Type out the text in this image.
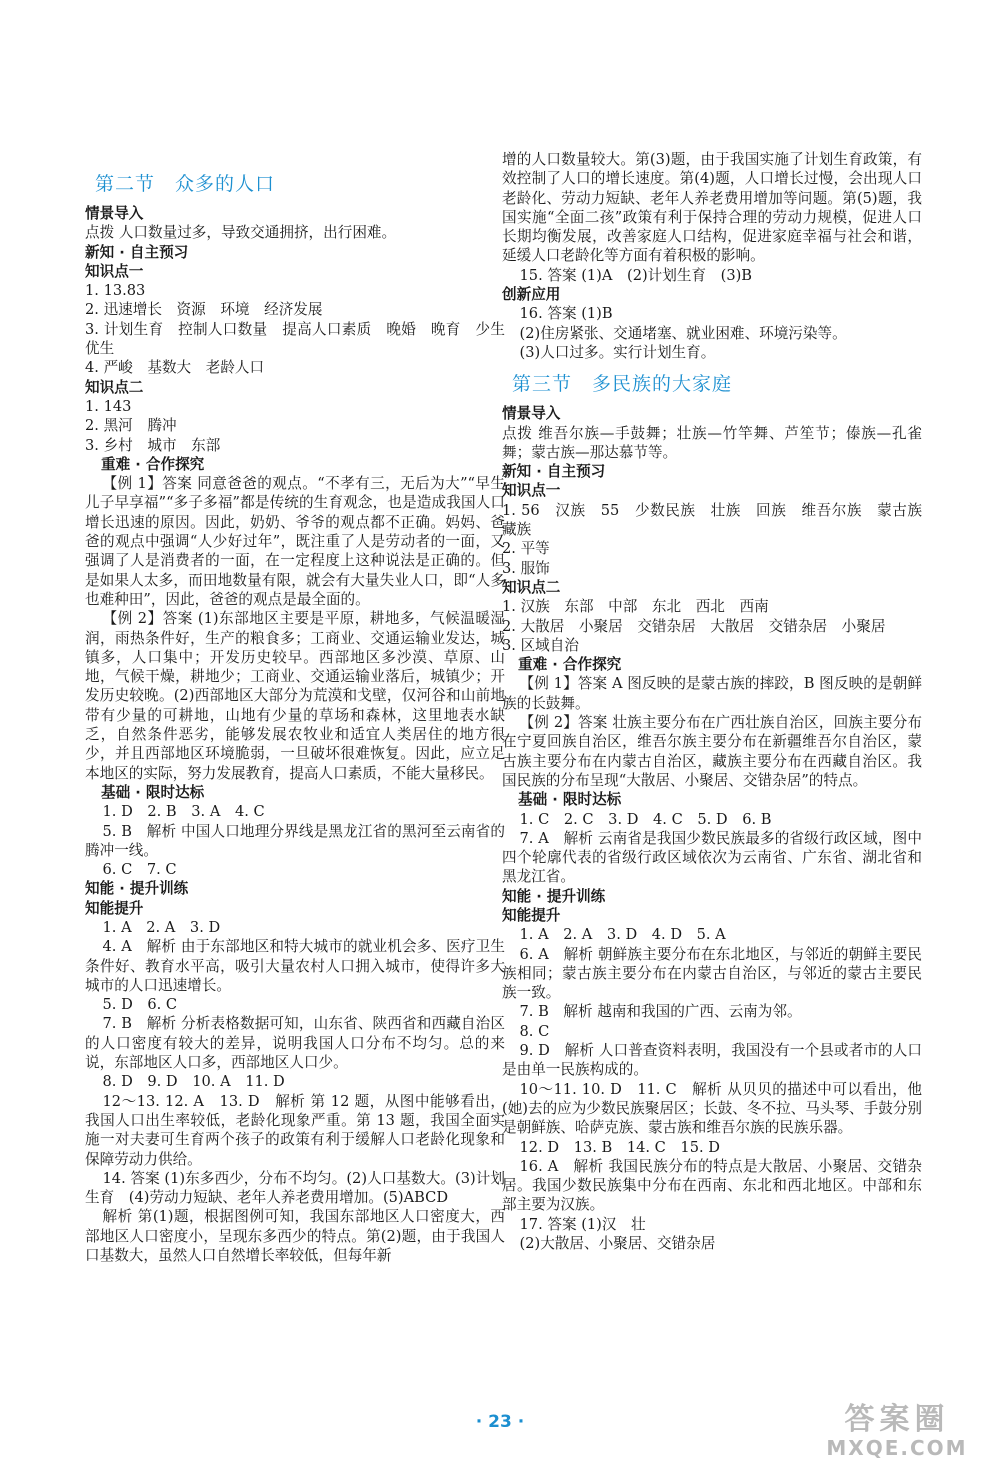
第二节 众多的人口

情景导入

点拨 人口数量过多，导致交通拥挤，出行困难。

新知 · 自主预习

知识点一

1. 13.83

2. 迅速增长　资源　环境　经济发展

3. 计划生育　控制人口数量　提高人口素质　晚婚　晚育　少生　优生

4. 严峻　基数大　老龄人口

知识点二

1. 143

2. 黑河　腾冲

3. 乡村　城市　东部

重难 · 合作探究

【例 1】答案 同意爸爸的观点。“不孝有三，无后为大”“早生儿子早享福”“多子多福”都是传统的生育观念，也是造成我国人口增长迅速的原因。因此，奶奶、爷爷的观点都不正确。妈妈、爸爸的观点中强调“人少好过年”，既注重了人是劳动者的一面，又强调了人是消费者的一面，在一定程度上这种说法是正确的。但是如果人太多，而田地数量有限，就会有大量失业人口，即“人多也难种田”，因此，爸爸的观点是最全面的。

【例 2】答案 (1)东部地区主要是平原，耕地多，气候温暖湿润，雨热条件好，生产的粮食多；工商业、交通运输业发达，城镇多，人口集中；开发历史较早。西部地区多沙漠、草原、山地，气候干燥，耕地少；工商业、交通运输业落后，城镇少；开发历史较晚。(2)西部地区大部分为荒漠和戈壁，仅河谷和山前地带有少量的可耕地，山地有少量的草场和森林，这里地表水缺乏，自然条件恶劣，能够发展农牧业和适宜人类居住的地方很少，并且西部地区环境脆弱，一旦破坏很难恢复。因此，应立足本地区的实际，努力发展教育，提高人口素质，不能大量移民。

基础 · 限时达标

1. D　2. B　3. A　4. C

5. B　解析 中国人口地理分界线是黑龙江省的黑河至云南省的腾冲一线。

6. C　7. C

知能 · 提升训练

知能提升

1. A　2. A　3. D

4. A　解析 由于东部地区和特大城市的就业机会多、医疗卫生条件好、教育水平高，吸引大量农村人口拥入城市，使得许多大城市的人口迅速增长。

5. D　6. C

7. B　解析 分析表格数据可知，山东省、陕西省和西藏自治区的人口密度有较大的差异，说明我国人口分布不均匀。总的来说，东部地区人口多，西部地区人口少。

8. D　9. D　10. A　11. D

12～13. 12. A　13. D　解析 第 12 题，从图中能够看出，我国人口出生率较低，老龄化现象严重。第 13 题，我国全面实施一对夫妻可生育两个孩子的政策有利于缓解人口老龄化现象和保障劳动力供给。

14. 答案 (1)东多西少，分布不均匀。(2)人口基数大。(3)计划生育　(4)劳动力短缺、老年人养老费用增加。(5)ABCD

解析 第(1)题，根据图例可知，我国东部地区人口密度大，西部地区人口密度小，呈现东多西少的特点。第(2)题，由于我国人口基数大，虽然人口自然增长率较低，但每年新

增的人口数量较大。第(3)题，由于我国实施了计划生育政策，有效控制了人口的增长速度。第(4)题，人口增长过慢，会出现人口老龄化、劳动力短缺、老年人养老费用增加等问题。第(5)题，我国实施“全面二孩”政策有利于保持合理的劳动力规模，促进人口长期均衡发展，改善家庭人口结构，促进家庭幸福与社会和谐，延缓人口老龄化等方面有着积极的影响。

15. 答案 (1)A　(2)计划生育　(3)B

创新应用

16. 答案 (1)B

(2)住房紧张、交通堵塞、就业困难、环境污染等。

(3)人口过多。实行计划生育。

第三节 多民族的大家庭

情景导入

点拨 维吾尔族—手鼓舞；壮族—竹竿舞、芦笙节；傣族—孔雀舞；蒙古族—那达慕节等。

新知 · 自主预习

知识点一

1. 56　汉族　55　少数民族　壮族　回族　维吾尔族　蒙古族　藏族

2. 平等

3. 服饰

知识点二

1. 汉族　东部　中部　东北　西北　西南

2. 大散居　小聚居　交错杂居　大散居　交错杂居　小聚居

3. 区域自治

重难 · 合作探究

【例 1】答案 A 图反映的是蒙古族的摔跤，B 图反映的是朝鲜族的长鼓舞。

【例 2】答案 壮族主要分布在广西壮族自治区，回族主要分布在宁夏回族自治区，维吾尔族主要分布在新疆维吾尔自治区，蒙古族主要分布在内蒙古自治区，藏族主要分布在西藏自治区。我国民族的分布呈现“大散居、小聚居、交错杂居”的特点。

基础 · 限时达标

1. C　2. C　3. D　4. C　5. D　6. B

7. A　解析 云南省是我国少数民族最多的省级行政区域，图中四个轮廓代表的省级行政区域依次为云南省、广东省、湖北省和黑龙江省。

知能 · 提升训练

知能提升

1. A　2. A　3. D　4. D　5. A

6. A　解析 朝鲜族主要分布在东北地区，与邻近的朝鲜主要民族相同；蒙古族主要分布在内蒙古自治区，与邻近的蒙古主要民族一致。

7. B　解析 越南和我国的广西、云南为邻。

8. C

9. D　解析 人口普查资料表明，我国没有一个县或者市的人口是由单一民族构成的。

10～11. 10. D　11. C　解析 从贝贝的描述中可以看出，他(她)去的应为少数民族聚居区；长鼓、冬不拉、马头琴、手鼓分别是朝鲜族、哈萨克族、蒙古族和维吾尔族的民族乐器。

12. D　13. B　14. C　15. D

16. A　解析 我国民族分布的特点是大散居、小聚居、交错杂居。我国少数民族集中分布在西南、东北和西北地区。中部和东部主要为汉族。

17. 答案 (1)汉　壮

(2)大散居、小聚居、交错杂居

· 23 ·	答案圈
MXQE.COM
